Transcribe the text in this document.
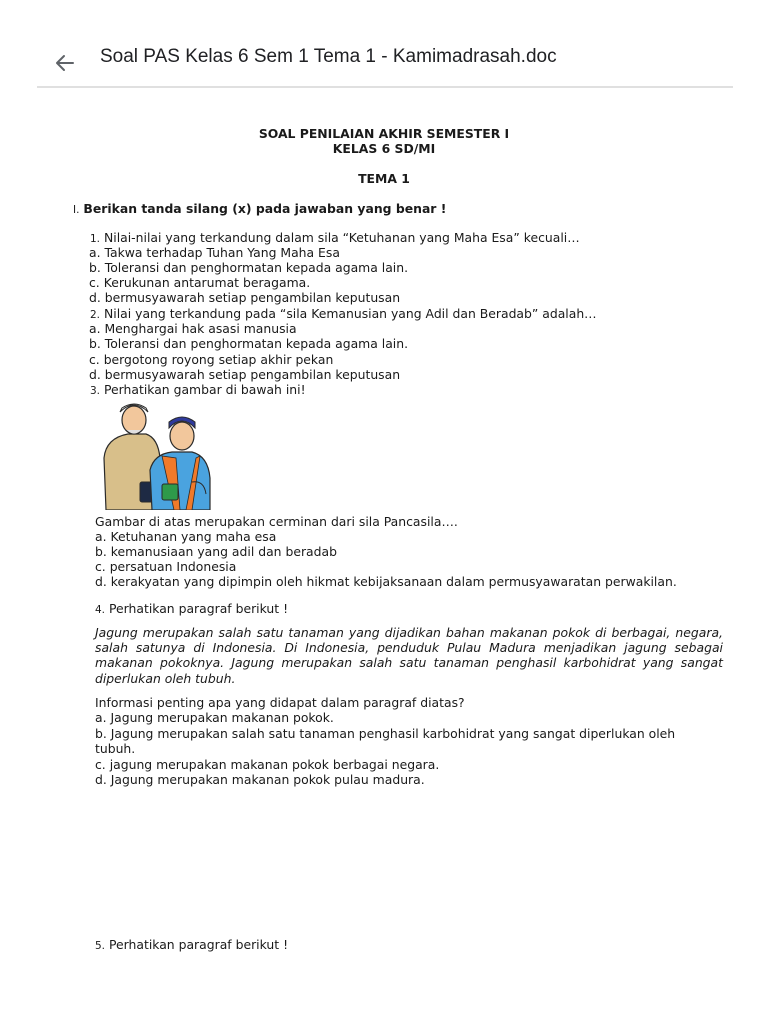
Soal PAS Kelas 6 Sem 1 Tema 1 - Kamimadrasah.doc
SOAL PENILAIAN AKHIR SEMESTER I
KELAS 6 SD/MI
TEMA 1
I. Berikan tanda silang (x) pada jawaban yang benar !
1. Nilai-nilai yang terkandung dalam sila “Ketuhanan yang Maha Esa” kecuali…
a. Takwa terhadap Tuhan Yang Maha Esa
b. Toleransi dan penghormatan kepada agama lain.
c. Kerukunan antarumat beragama.
d. bermusyawarah setiap pengambilan keputusan
2. Nilai yang terkandung pada “sila Kemanusian yang Adil dan Beradab” adalah…
a. Menghargai hak asasi manusia
b. Toleransi dan penghormatan kepada agama lain.
c. bergotong royong setiap akhir pekan
d. bermusyawarah setiap pengambilan keputusan
3. Perhatikan gambar di bawah ini!
Gambar di atas merupakan cerminan dari sila Pancasila….
a. Ketuhanan yang maha esa
b. kemanusiaan yang adil dan beradab
c. persatuan Indonesia
d. kerakyatan yang dipimpin oleh hikmat kebijaksanaan dalam permusyawaratan perwakilan.
4. Perhatikan paragraf berikut !
Jagung merupakan salah satu tanaman yang dijadikan bahan makanan pokok di berbagai, negara, salah satunya di Indonesia. Di Indonesia, penduduk Pulau Madura menjadikan jagung sebagai makanan pokoknya. Jagung merupakan salah satu tanaman penghasil karbohidrat yang sangat diperlukan oleh tubuh.
Informasi penting apa yang didapat dalam paragraf diatas?
a. Jagung merupakan makanan pokok.
b. Jagung merupakan salah satu tanaman penghasil karbohidrat yang sangat diperlukan oleh tubuh.
c. jagung merupakan makanan pokok berbagai negara.
d. Jagung merupakan makanan pokok pulau madura.
5. Perhatikan paragraf berikut !
